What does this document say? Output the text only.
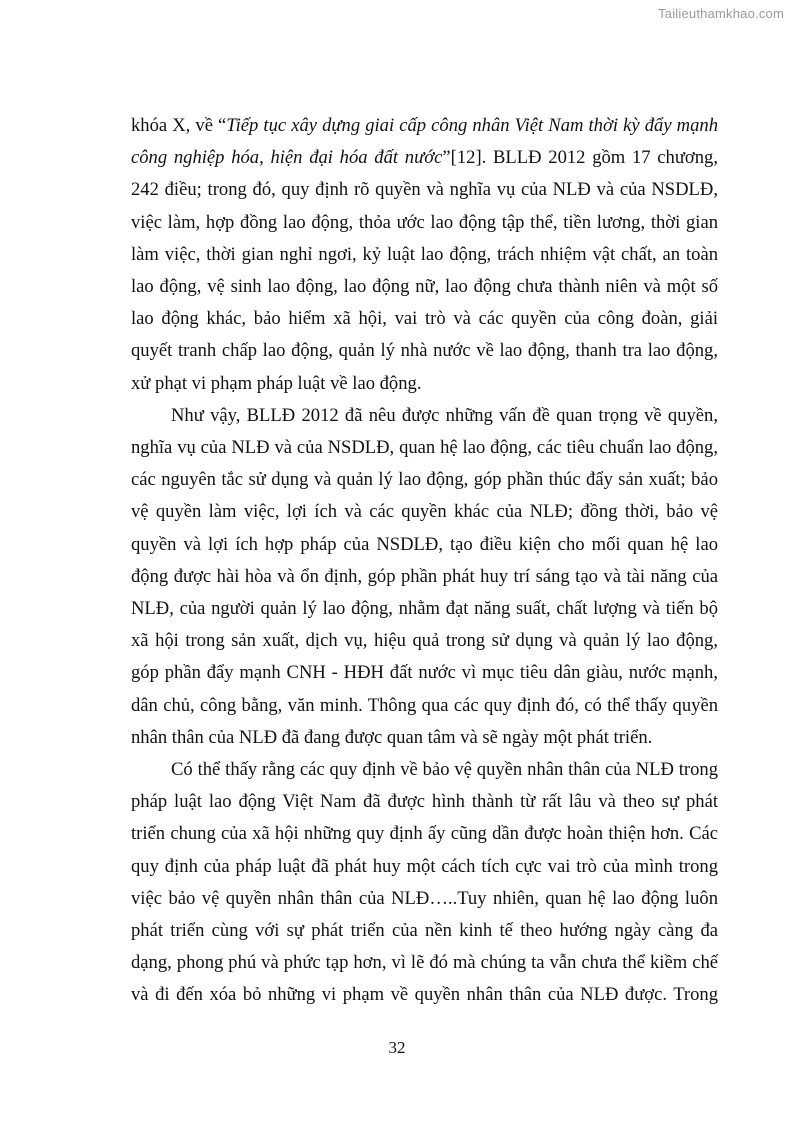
Tailieuthamkhao.com
khóa X, về “Tiếp tục xây dựng giai cấp công nhân Việt Nam thời kỳ đẩy mạnh
công nghiệp hóa, hiện đại hóa đất nước”[12]. BLLĐ 2012 gồm 17 chương,
242 điều; trong đó, quy định rõ quyền và nghĩa vụ của NLĐ và của NSDLĐ,
việc làm, hợp đồng lao động, thỏa ước lao động tập thể, tiền lương, thời gian
làm việc, thời gian nghỉ ngơi, kỷ luật lao động, trách nhiệm vật chất, an toàn
lao động, vệ sinh lao động, lao động nữ, lao động chưa thành niên và một số
lao động khác, bảo hiểm xã hội, vai trò và các quyền của công đoàn, giải
quyết tranh chấp lao động, quản lý nhà nước về lao động, thanh tra lao động,
xử phạt vi phạm pháp luật về lao động.
Như vậy, BLLĐ 2012 đã nêu được những vấn đề quan trọng về quyền,
nghĩa vụ của NLĐ và của NSDLĐ, quan hệ lao động, các tiêu chuẩn lao động,
các nguyên tắc sử dụng và quản lý lao động, góp phần thúc đẩy sản xuất; bảo
vệ quyền làm việc, lợi ích và các quyền khác của NLĐ; đồng thời, bảo vệ
quyền và lợi ích hợp pháp của NSDLĐ, tạo điều kiện cho mối quan hệ lao
động được hài hòa và ổn định, góp phần phát huy trí sáng tạo và tài năng của
NLĐ, của người quản lý lao động, nhằm đạt năng suất, chất lượng và tiến bộ
xã hội trong sản xuất, dịch vụ, hiệu quả trong sử dụng và quản lý lao động,
góp phần đẩy mạnh CNH - HĐH đất nước vì mục tiêu dân giàu, nước mạnh,
dân chủ, công bằng, văn minh. Thông qua các quy định đó, có thể thấy quyền
nhân thân của NLĐ đã đang được quan tâm và sẽ ngày một phát triển.
Có thể thấy rằng các quy định về bảo vệ quyền nhân thân của NLĐ trong
pháp luật lao động Việt Nam đã được hình thành từ rất lâu và theo sự phát
triển chung của xã hội những quy định ấy cũng dần được hoàn thiện hơn. Các
quy định của pháp luật đã phát huy một cách tích cực vai trò của mình trong
việc bảo vệ quyền nhân thân của NLĐ…..Tuy nhiên, quan hệ lao động luôn
phát triển cùng với sự phát triển của nền kinh tế theo hướng ngày càng đa
dạng, phong phú và phức tạp hơn, vì lẽ đó mà chúng ta vẫn chưa thể kiềm chế
và đi đến xóa bỏ những vi phạm về quyền nhân thân của NLĐ được. Trong
32
